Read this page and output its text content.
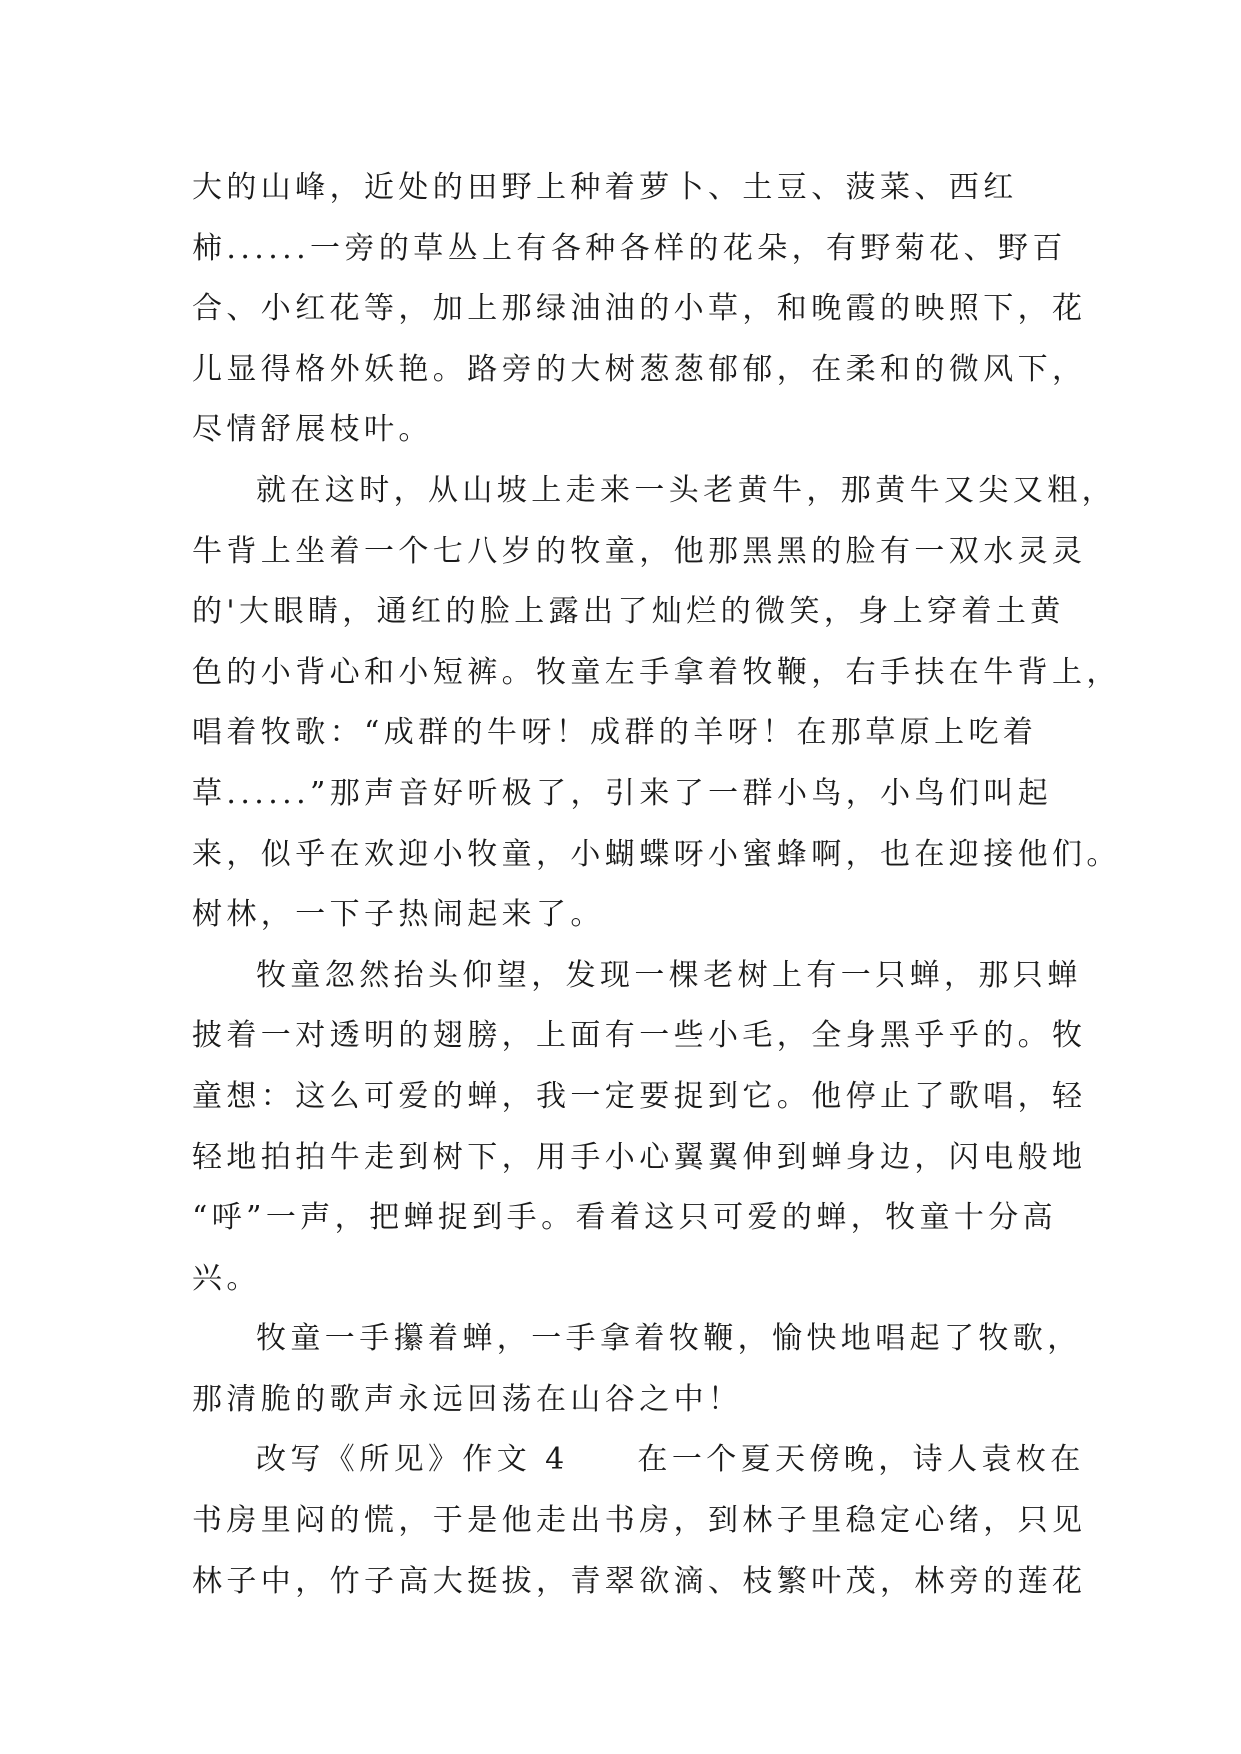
大的山峰，近处的田野上种着萝卜、土豆、菠菜、西红
柿......一旁的草丛上有各种各样的花朵，有野菊花、野百
合、小红花等，加上那绿油油的小草，和晚霞的映照下，花
儿显得格外妖艳。路旁的大树葱葱郁郁，在柔和的微风下，
尽情舒展枝叶。
就在这时，从山坡上走来一头老黄牛，那黄牛又尖又粗，
牛背上坐着一个七八岁的牧童，他那黑黑的脸有一双水灵灵
的'大眼睛，通红的脸上露出了灿烂的微笑，身上穿着土黄
色的小背心和小短裤。牧童左手拿着牧鞭，右手扶在牛背上，
唱着牧歌：“成群的牛呀！成群的羊呀！在那草原上吃着
草......”那声音好听极了，引来了一群小鸟，小鸟们叫起
来，似乎在欢迎小牧童，小蝴蝶呀小蜜蜂啊，也在迎接他们。
树林，一下子热闹起来了。
牧童忽然抬头仰望，发现一棵老树上有一只蝉，那只蝉
披着一对透明的翅膀，上面有一些小毛，全身黑乎乎的。牧
童想：这么可爱的蝉，我一定要捉到它。他停止了歌唱，轻
轻地拍拍牛走到树下，用手小心翼翼伸到蝉身边，闪电般地
“呼”一声，把蝉捉到手。看着这只可爱的蝉，牧童十分高
兴。
牧童一手攥着蝉，一手拿着牧鞭，愉快地唱起了牧歌，
那清脆的歌声永远回荡在山谷之中！
改写《所见》作文 4　　在一个夏天傍晚，诗人袁枚在
书房里闷的慌，于是他走出书房，到林子里稳定心绪，只见
林子中，竹子高大挺拔，青翠欲滴、枝繁叶茂，林旁的莲花
